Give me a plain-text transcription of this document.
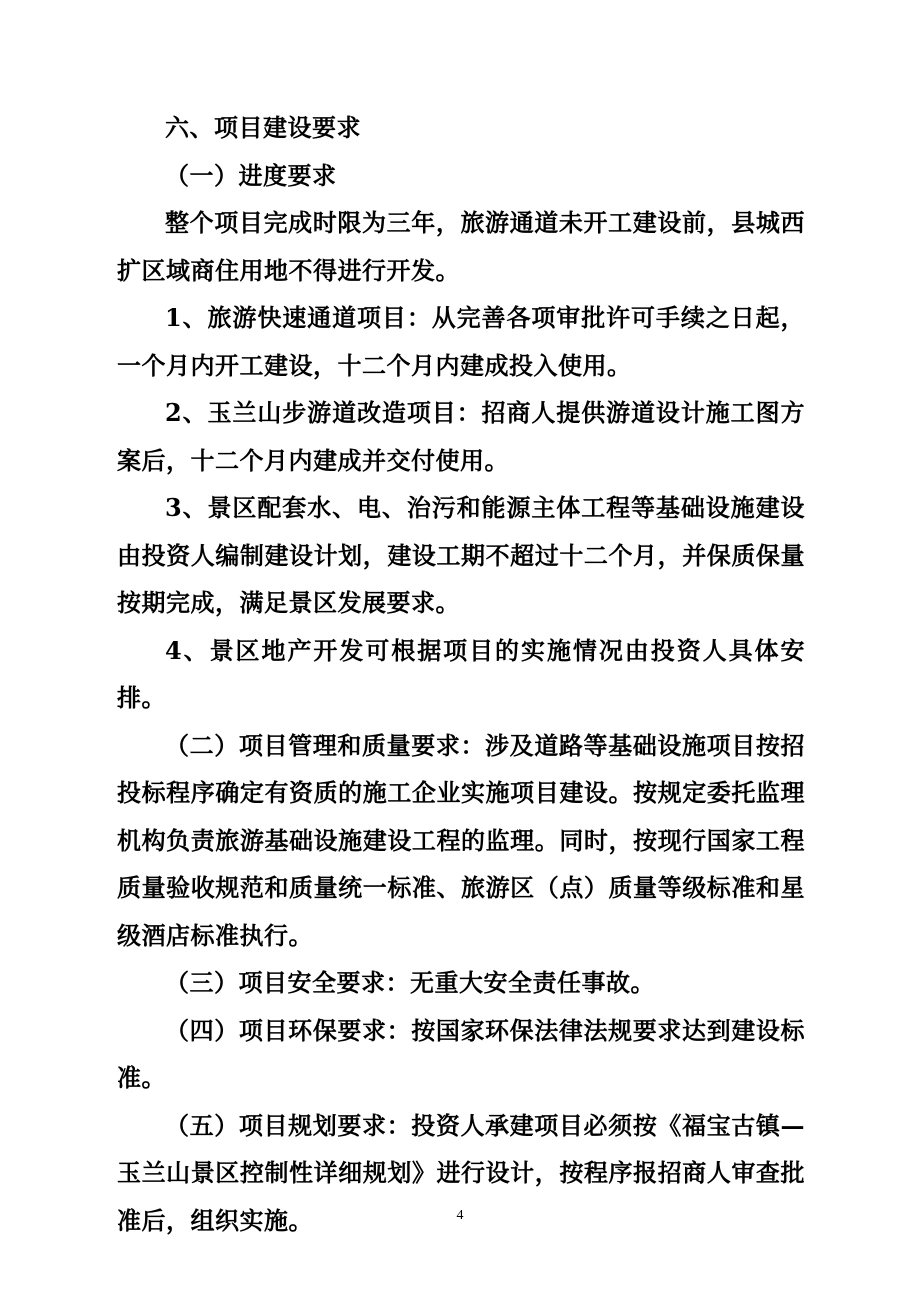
六、项目建设要求

（一）进度要求

整个项目完成时限为三年，旅游通道未开工建设前，县城西扩区域商住用地不得进行开发。

1、旅游快速通道项目：从完善各项审批许可手续之日起，一个月内开工建设，十二个月内建成投入使用。

2、玉兰山步游道改造项目：招商人提供游道设计施工图方案后，十二个月内建成并交付使用。

3、景区配套水、电、治污和能源主体工程等基础设施建设由投资人编制建设计划，建设工期不超过十二个月，并保质保量按期完成，满足景区发展要求。

4、景区地产开发可根据项目的实施情况由投资人具体安排。

（二）项目管理和质量要求：涉及道路等基础设施项目按招投标程序确定有资质的施工企业实施项目建设。按规定委托监理机构负责旅游基础设施建设工程的监理。同时，按现行国家工程质量验收规范和质量统一标准、旅游区（点）质量等级标准和星级酒店标准执行。

（三）项目安全要求：无重大安全责任事故。

（四）项目环保要求：按国家环保法律法规要求达到建设标准。

（五）项目规划要求：投资人承建项目必须按《福宝古镇—玉兰山景区控制性详细规划》进行设计，按程序报招商人审查批准后，组织实施。	4
